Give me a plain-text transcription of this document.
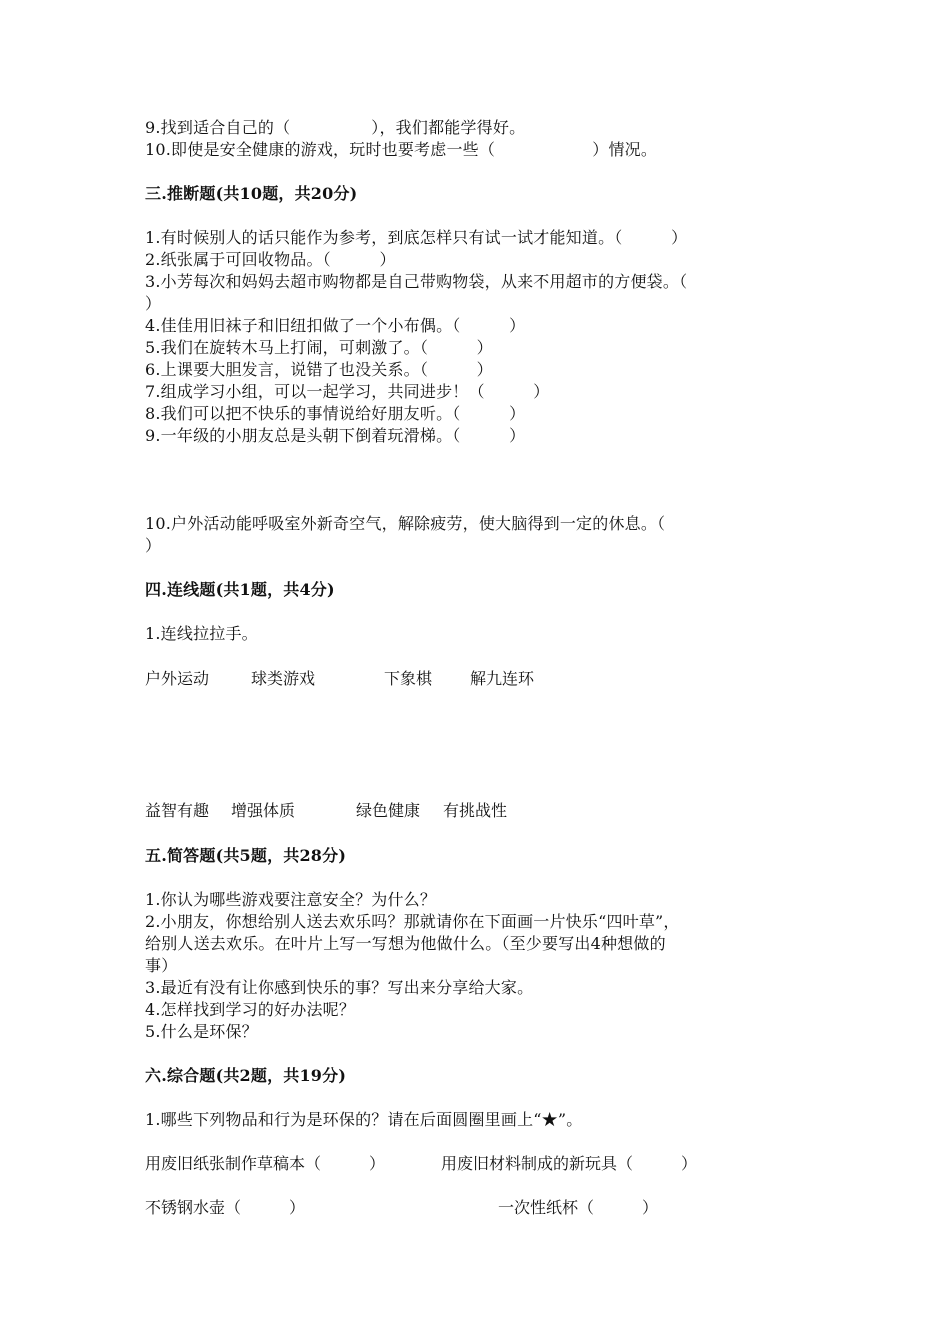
9.找到适合自己的（　　　　　），我们都能学得好。
10.即使是安全健康的游戏，玩时也要考虑一些（　　　　　　）情况。
三.推断题(共10题，共20分)
1.有时候别人的话只能作为参考，到底怎样只有试一试才能知道。（　　　）
2.纸张属于可回收物品。（　　　）
3.小芳每次和妈妈去超市购物都是自己带购物袋，从来不用超市的方便袋。（
）
4.佳佳用旧袜子和旧纽扣做了一个小布偶。（　　　）
5.我们在旋转木马上打闹，可刺激了。（　　　）
6.上课要大胆发言，说错了也没关系。（　　　）
7.组成学习小组，可以一起学习，共同进步！（　　　）
8.我们可以把不快乐的事情说给好朋友听。（　　　）
9.一年级的小朋友总是头朝下倒着玩滑梯。（　　　）
10.户外活动能呼吸室外新奇空气，解除疲劳，使大脑得到一定的休息。（
）
四.连线题(共1题，共4分)
1.连线拉拉手。
户外运动	球类游戏	下象棋 解九连环
益智有趣 增强体质	绿色健康 有挑战性
五.简答题(共5题，共28分)
1.你认为哪些游戏要注意安全？为什么？
2.小朋友，你想给别人送去欢乐吗？那就请你在下面画一片快乐“四叶草”，
给别人送去欢乐。在叶片上写一写想为他做什么。（至少要写出4种想做的
事）
3.最近有没有让你感到快乐的事？写出来分享给大家。
4.怎样找到学习的好办法呢？
5.什么是环保？
六.综合题(共2题，共19分)
1.哪些下列物品和行为是环保的？请在后面圆圈里画上“★”。
用废旧纸张制作草稿本（　　　）	用废旧材料制成的新玩具（　　　）
不锈钢水壶（　　　）	一次性纸杯（　　　）
